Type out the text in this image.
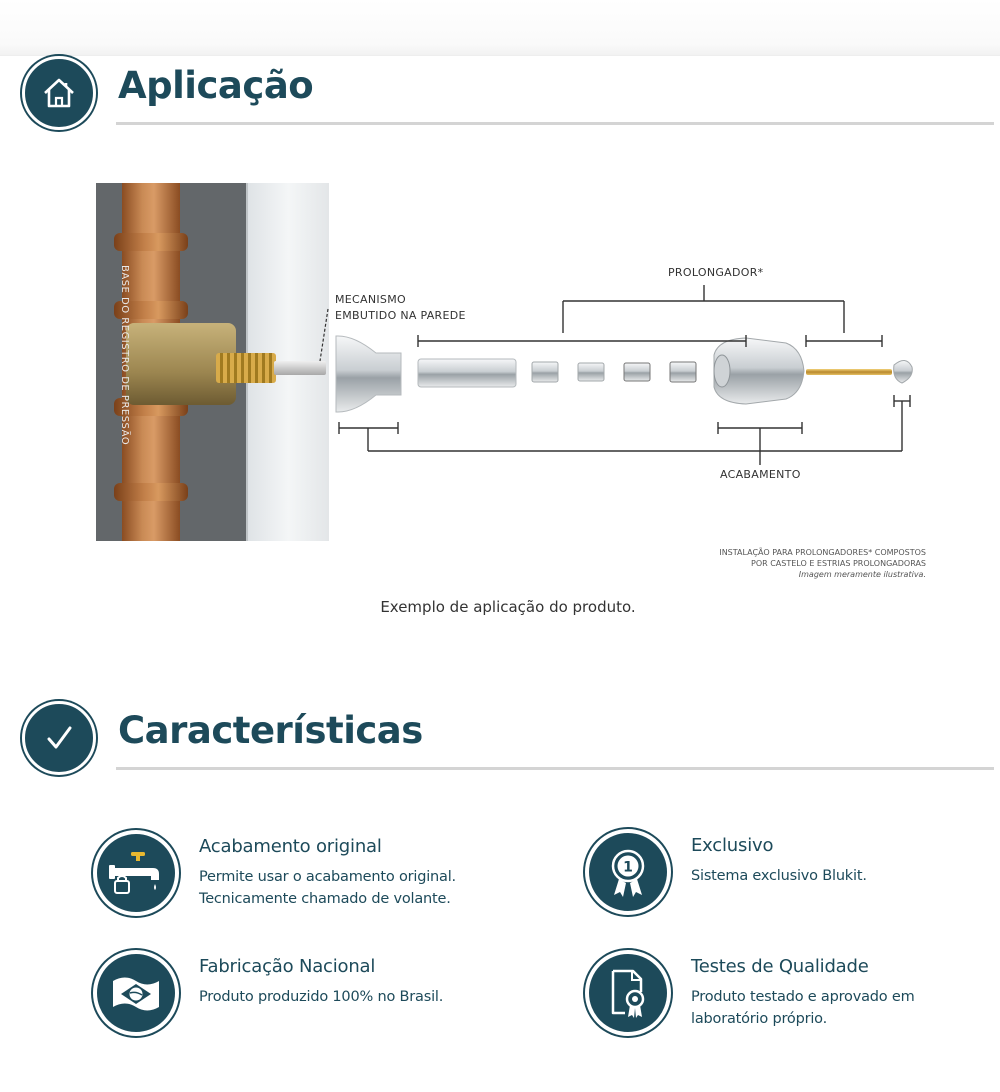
Aplicação
BASE DO REGISTRO DE PRESSÃO	MECANISMO
EMBUTIDO NA PAREDE
PROLONGADOR*
ACABAMENTO
INSTALAÇÃO PARA PROLONGADORES* COMPOSTOS
POR CASTELO E ESTRIAS PROLONGADORAS
Imagem meramente ilustrativa.
Exemplo de aplicação do produto.
Características
Acabamento original
Permite usar o acabamento original.
Tecnicamente chamado de volante.
1
Exclusivo
Sistema exclusivo Blukit.
Fabricação Nacional
Produto produzido 100% no Brasil.
Testes de Qualidade
Produto testado e aprovado em
laboratório próprio.
